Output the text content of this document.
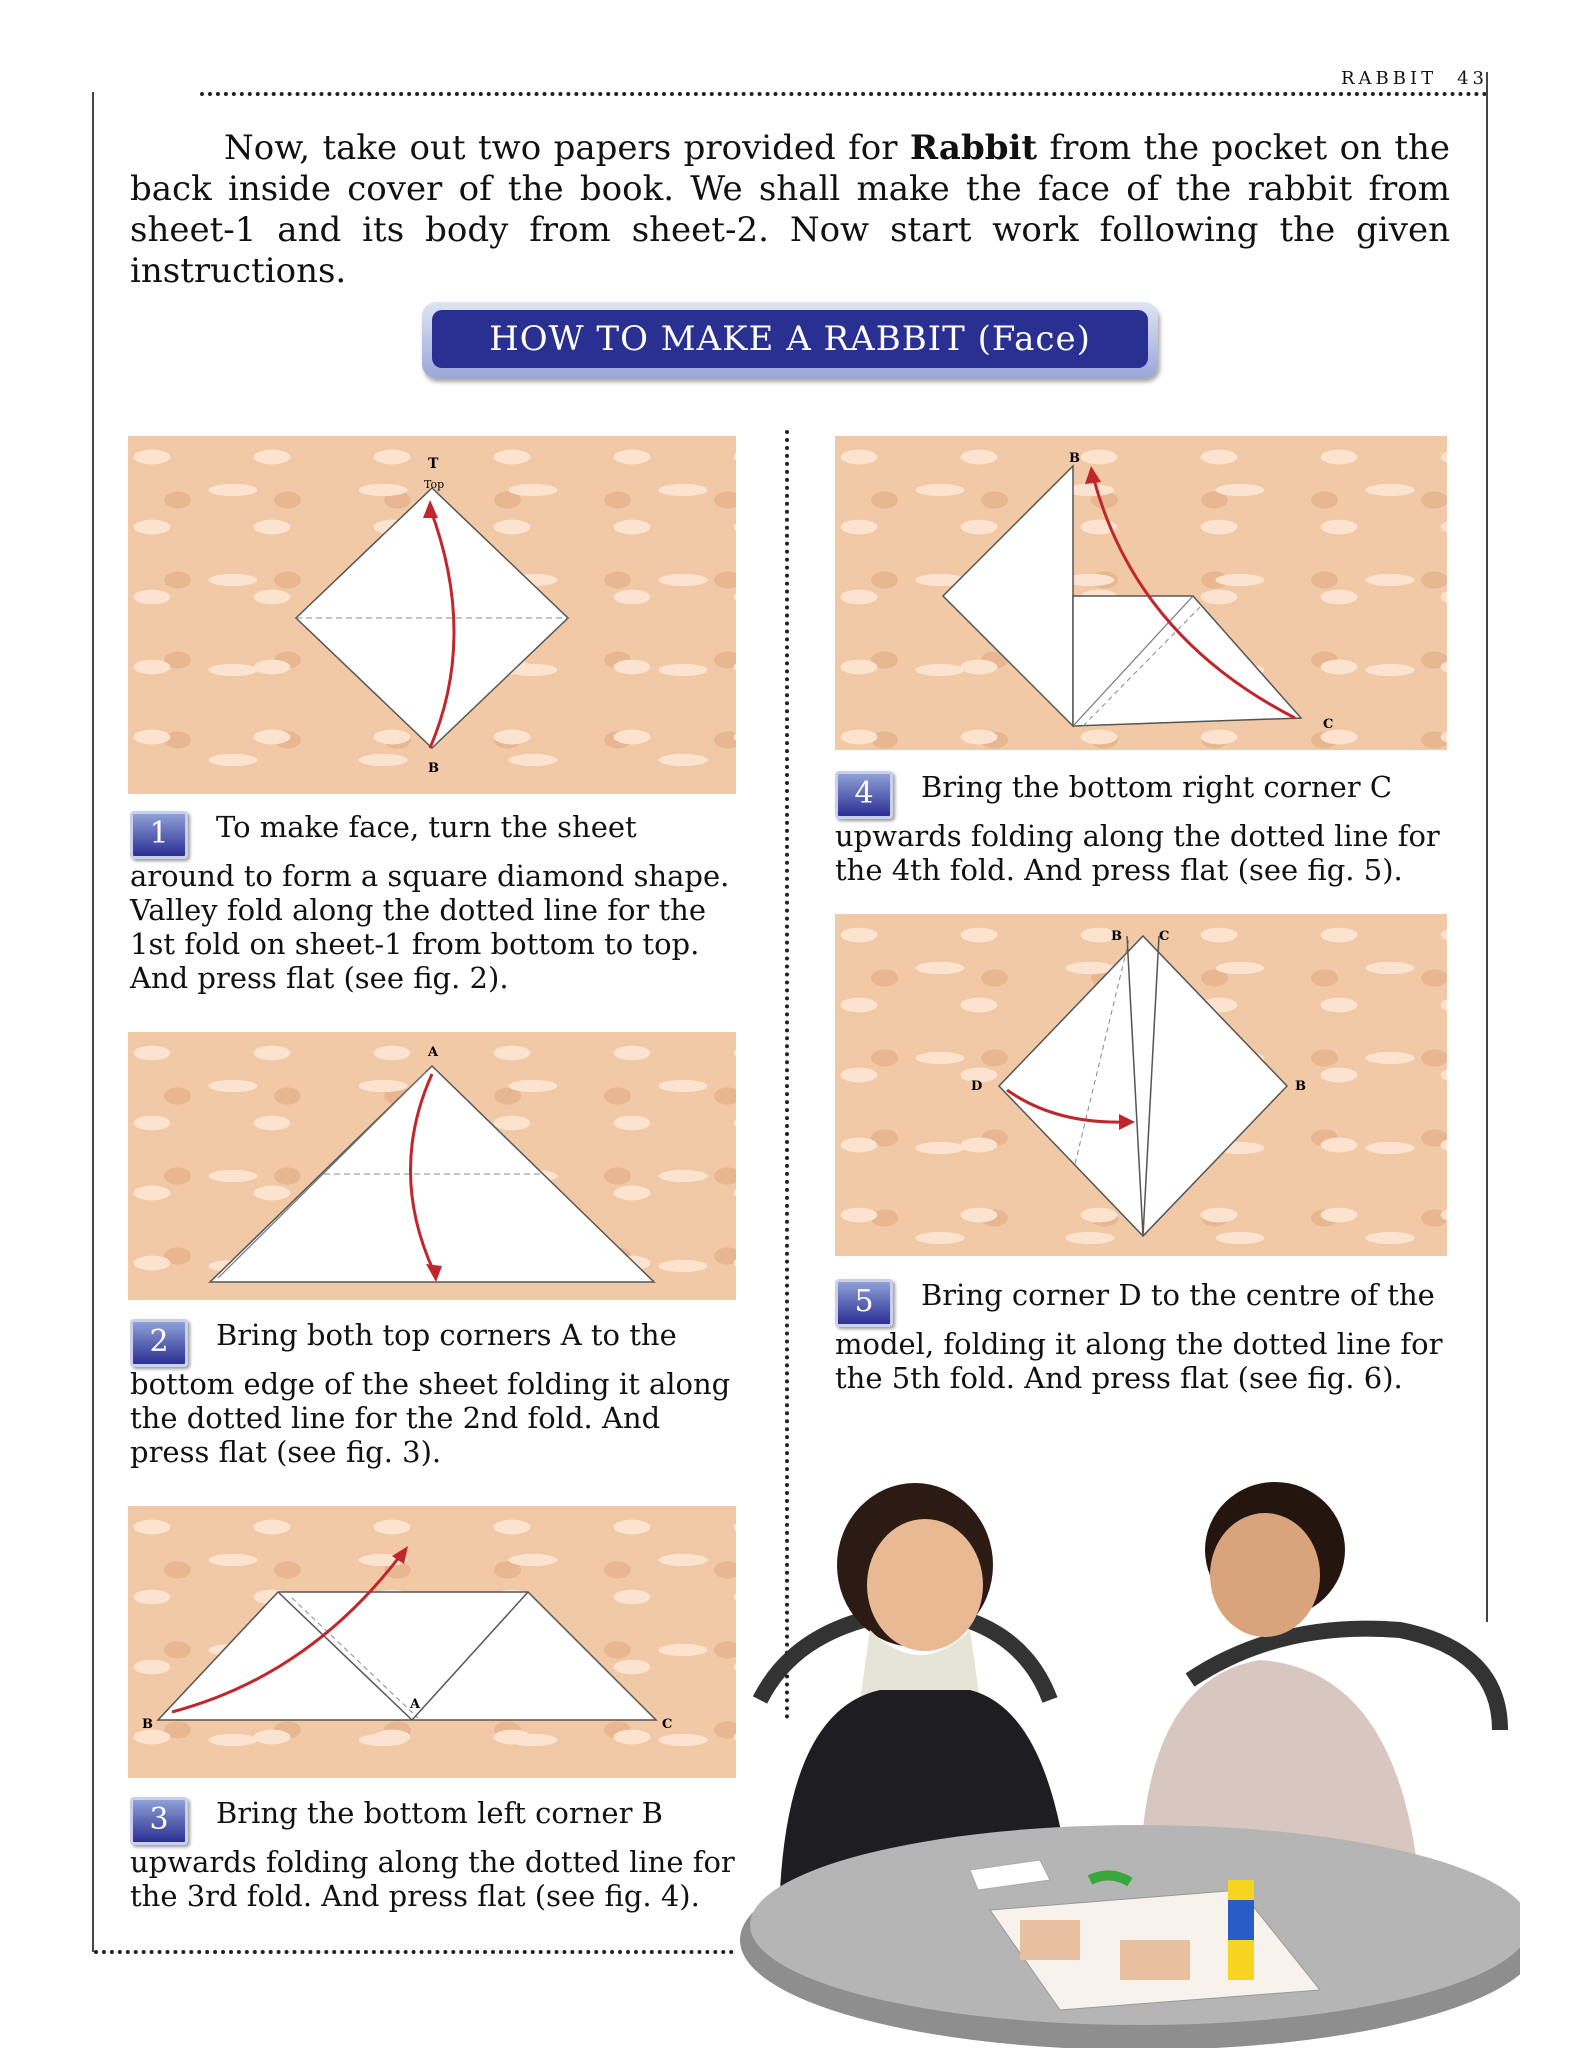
RABBIT 43

Now, take out two papers provided for Rabbit from the pocket on the back inside cover of the book. We shall make the face of the rabbit from sheet-1 and its body from sheet-2. Now start work following the given instructions.

HOW TO MAKE A RABBIT (Face)
T
Top
B
1 To make face, turn the sheet around to form a square diamond shape. Valley fold along the dotted line for the 1st fold on sheet-1 from bottom to top. And press flat (see fig. 2).
A
2 Bring both top corners A to the bottom edge of the sheet folding it along the dotted line for the 2nd fold. And press flat (see fig. 3).
B
A
C
3 Bring the bottom left corner B upwards folding along the dotted line for the 3rd fold. And press flat (see fig. 4).
B
C
4 Bring the bottom right corner C upwards folding along the dotted line for the 4th fold. And press flat (see fig. 5).
B	C
D	B
5 Bring corner D to the centre of the model, folding it along the dotted line for the 5th fold. And press flat (see fig. 6).
